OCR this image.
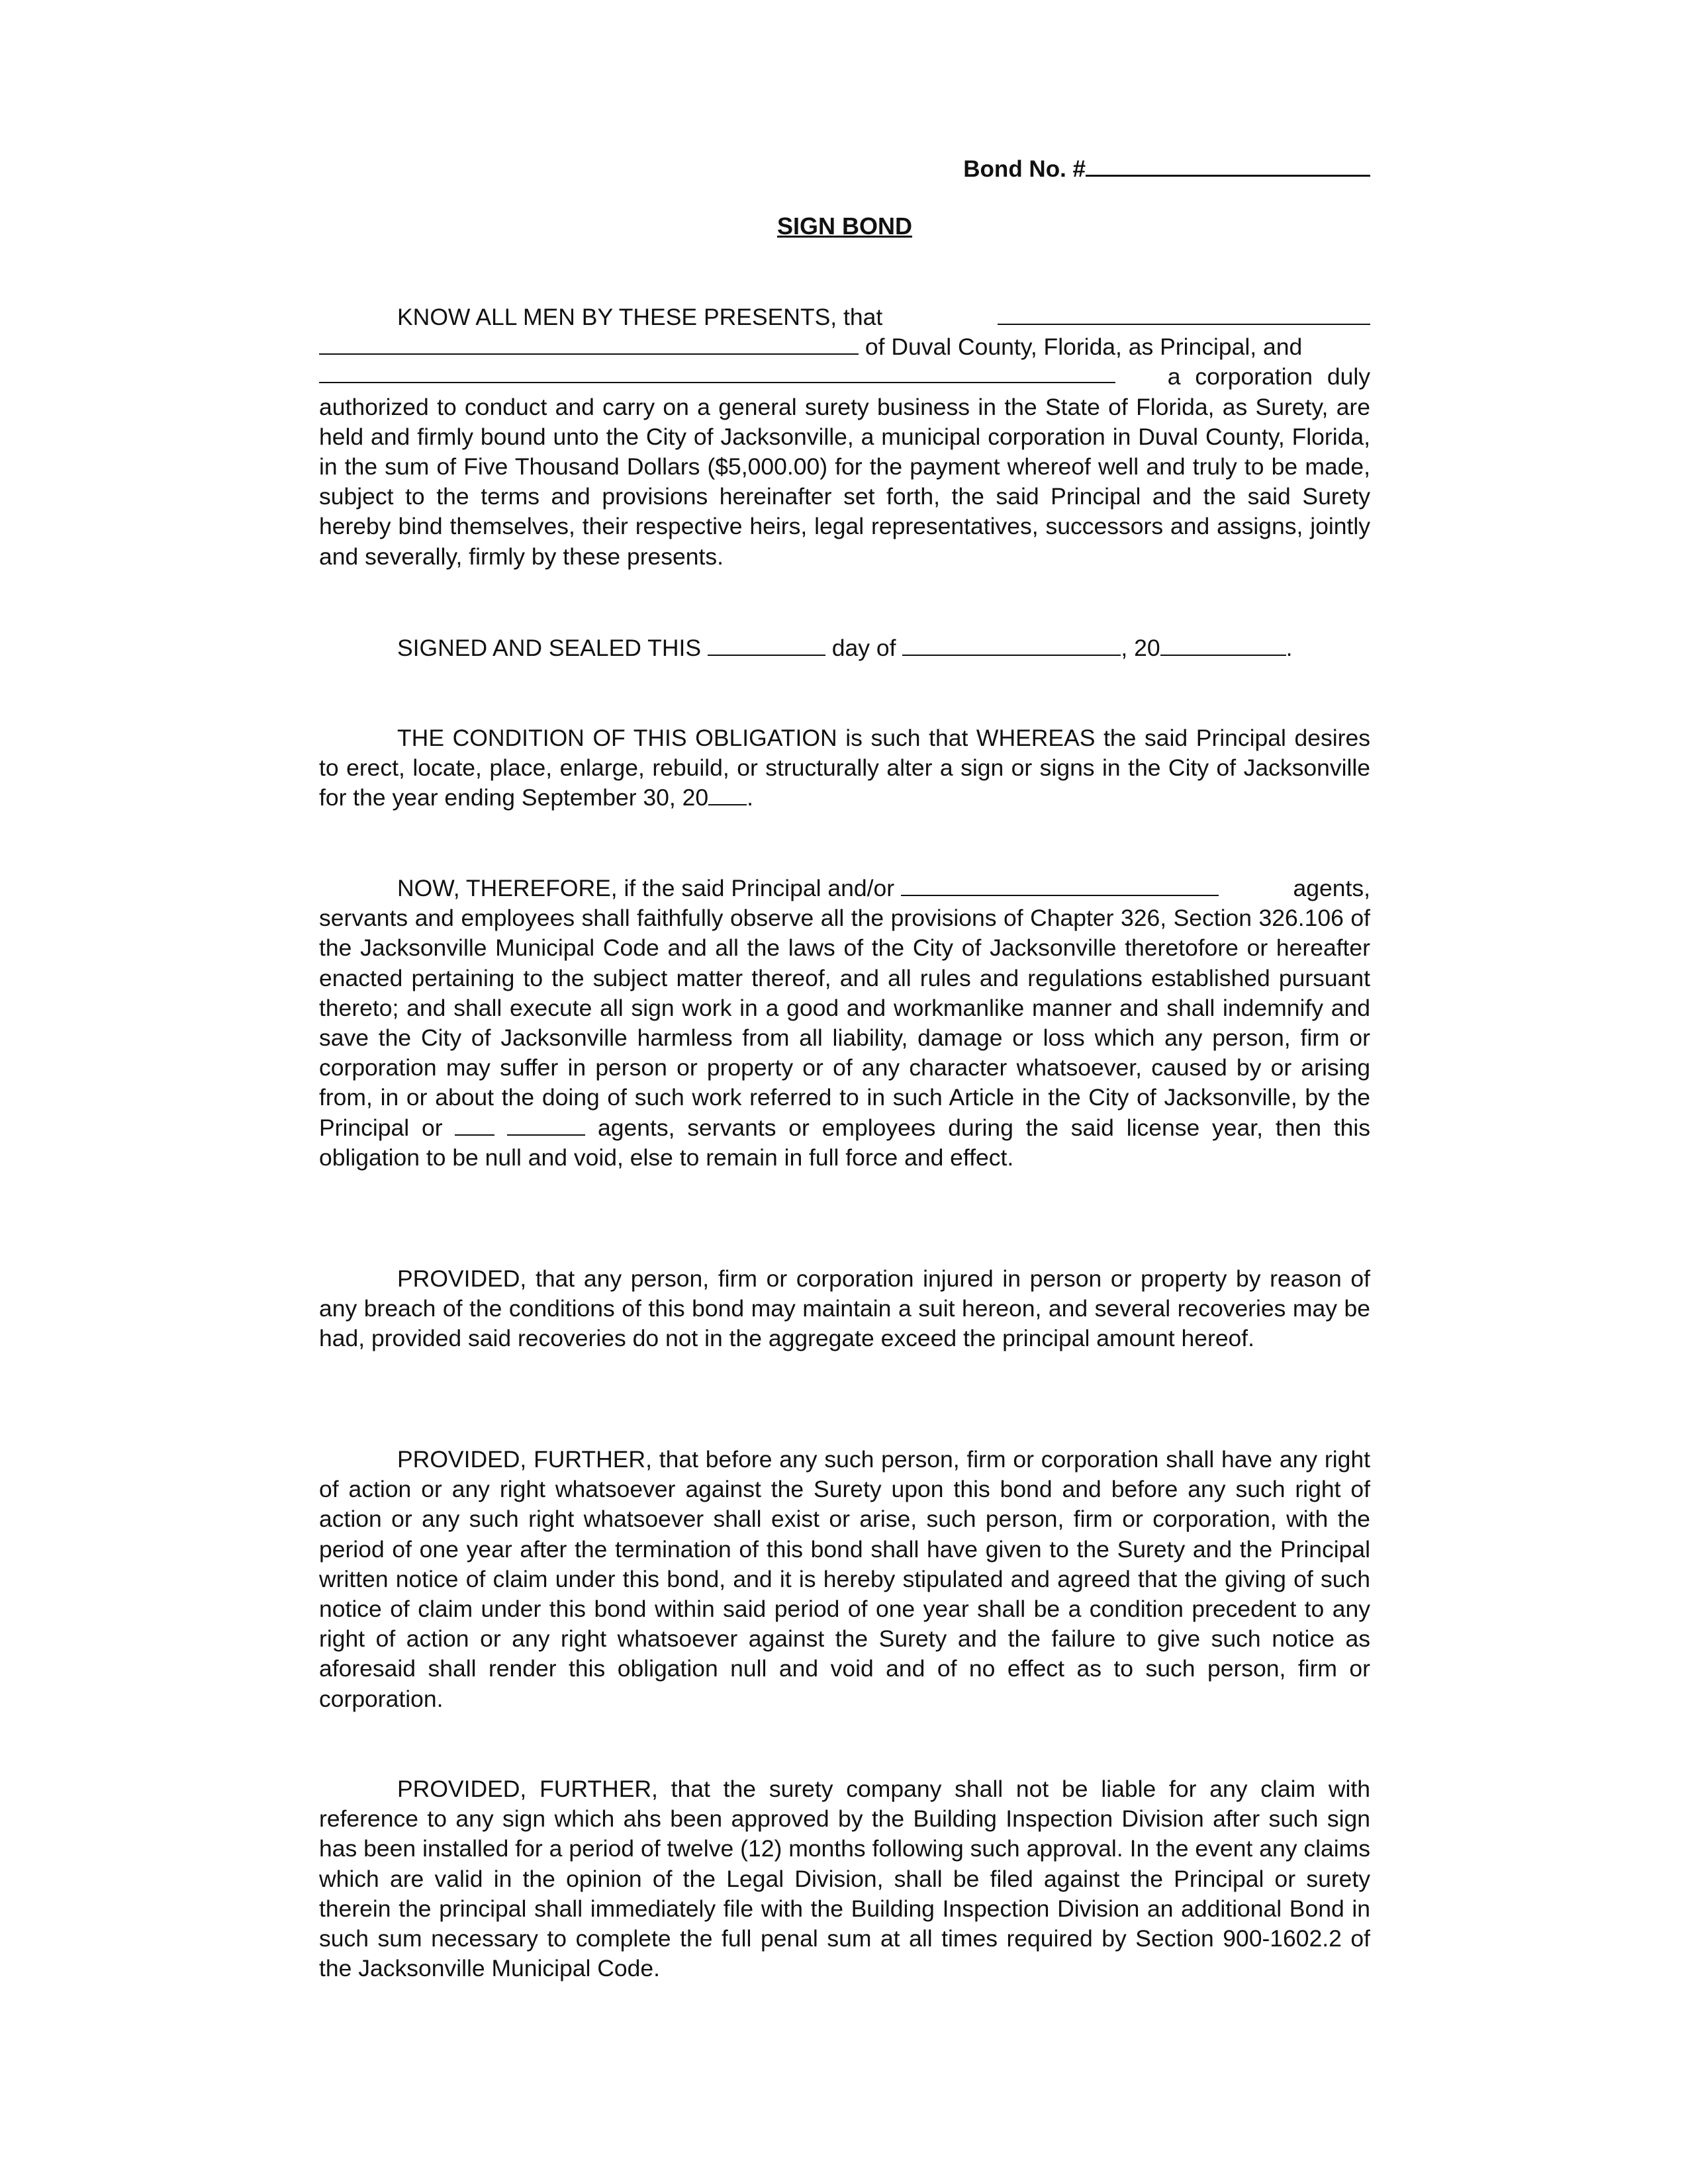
Bond No. #
SIGN BOND
KNOW ALL MEN BY THESE PRESENTS, that
of Duval County, Florida, as Principal, and
a corporation duly
authorized to conduct and carry on a general surety business in the State of Florida, as Surety, are held and firmly bound unto the City of Jacksonville, a municipal corporation in Duval County, Florida, in the sum of Five Thousand Dollars ($5,000.00) for the payment whereof well and truly to be made, subject to the terms and provisions hereinafter set forth, the said Principal and the said Surety hereby bind themselves, their respective heirs, legal representatives, successors and assigns, jointly and severally, firmly by these presents.
SIGNED AND SEALED THIS	day of	, 20	.
THE CONDITION OF THIS OBLIGATION is such that WHEREAS the said Principal desires to erect, locate, place, enlarge, rebuild, or structurally alter a sign or signs in the City of Jacksonville for the year ending September 30, 20 .
NOW, THEREFORE, if the said Principal and/or	agents,
servants and employees shall faithfully observe all the provisions of Chapter 326, Section 326.106 of the Jacksonville Municipal Code and all the laws of the City of Jacksonville theretofore or hereafter enacted pertaining to the subject matter thereof, and all rules and regulations established pursuant thereto; and shall execute all sign work in a good and workmanlike manner and shall indemnify and save the City of Jacksonville harmless from all liability, damage or loss which any person, firm or corporation may suffer in person or property or of any character whatsoever, caused by or arising from, in or about the doing of such work referred to in such Article in the City of Jacksonville, by the Principal or	agents, servants or employees during the said license year, then this obligation to be null and void, else to remain in full force and effect.
PROVIDED, that any person, firm or corporation injured in person or property by reason of any breach of the conditions of this bond may maintain a suit hereon, and several recoveries may be had, provided said recoveries do not in the aggregate exceed the principal amount hereof.
PROVIDED, FURTHER, that before any such person, firm or corporation shall have any right of action or any right whatsoever against the Surety upon this bond and before any such right of action or any such right whatsoever shall exist or arise, such person, firm or corporation, with the period of one year after the termination of this bond shall have given to the Surety and the Principal written notice of claim under this bond, and it is hereby stipulated and agreed that the giving of such notice of claim under this bond within said period of one year shall be a condition precedent to any right of action or any right whatsoever against the Surety and the failure to give such notice as aforesaid shall render this obligation null and void and of no effect as to such person, firm or corporation.
PROVIDED, FURTHER, that the surety company shall not be liable for any claim with reference to any sign which ahs been approved by the Building Inspection Division after such sign has been installed for a period of twelve (12) months following such approval. In the event any claims which are valid in the opinion of the Legal Division, shall be filed against the Principal or surety therein the principal shall immediately file with the Building Inspection Division an additional Bond in such sum necessary to complete the full penal sum at all times required by Section 900-1602.2 of the Jacksonville Municipal Code.
